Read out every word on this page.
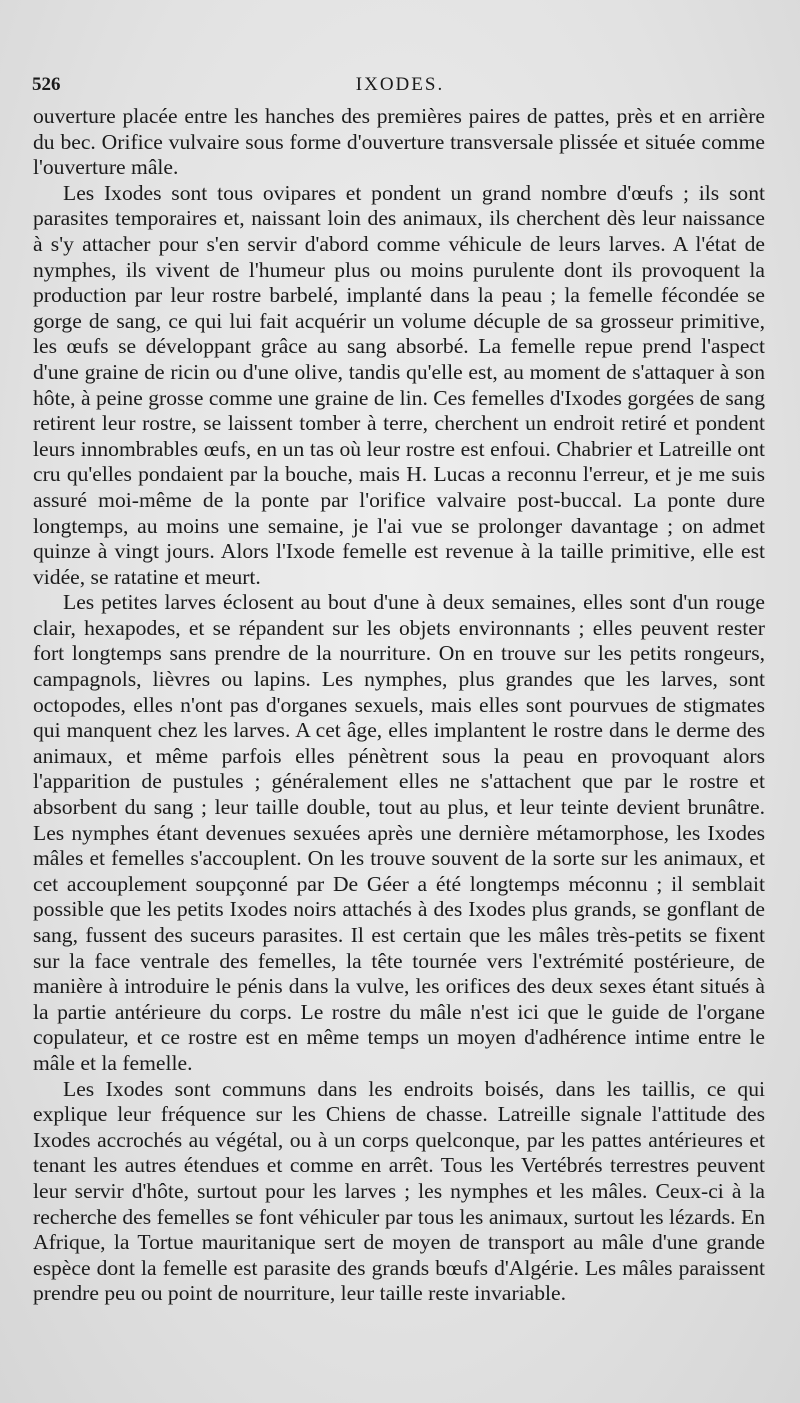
526	IXODES.

ouverture placée entre les hanches des premières paires de pattes, près et en arrière du bec. Orifice vulvaire sous forme d'ouverture transversale plissée et située comme l'ouverture mâle.

Les Ixodes sont tous ovipares et pondent un grand nombre d'œufs ; ils sont parasites temporaires et, naissant loin des animaux, ils cherchent dès leur naissance à s'y attacher pour s'en servir d'abord comme véhicule de leurs larves. A l'état de nymphes, ils vivent de l'humeur plus ou moins purulente dont ils provoquent la production par leur rostre barbelé, implanté dans la peau ; la femelle fécondée se gorge de sang, ce qui lui fait acquérir un volume décuple de sa grosseur primitive, les œufs se développant grâce au sang absorbé. La femelle repue prend l'aspect d'une graine de ricin ou d'une olive, tandis qu'elle est, au moment de s'attaquer à son hôte, à peine grosse comme une graine de lin. Ces femelles d'Ixodes gorgées de sang retirent leur rostre, se laissent tomber à terre, cherchent un endroit retiré et pondent leurs innombrables œufs, en un tas où leur rostre est enfoui. Chabrier et Latreille ont cru qu'elles pondaient par la bouche, mais H. Lucas a reconnu l'erreur, et je me suis assuré moi-même de la ponte par l'orifice valvaire post-buccal. La ponte dure longtemps, au moins une semaine, je l'ai vue se prolonger davantage ; on admet quinze à vingt jours. Alors l'Ixode femelle est revenue à la taille primitive, elle est vidée, se ratatine et meurt.

Les petites larves éclosent au bout d'une à deux semaines, elles sont d'un rouge clair, hexapodes, et se répandent sur les objets environnants ; elles peuvent rester fort longtemps sans prendre de la nourriture. On en trouve sur les petits rongeurs, campagnols, lièvres ou lapins. Les nymphes, plus grandes que les larves, sont octopodes, elles n'ont pas d'organes sexuels, mais elles sont pourvues de stigmates qui manquent chez les larves. A cet âge, elles implantent le rostre dans le derme des animaux, et même parfois elles pénètrent sous la peau en provoquant alors l'apparition de pustules ; généralement elles ne s'attachent que par le rostre et absorbent du sang ; leur taille double, tout au plus, et leur teinte devient brunâtre. Les nymphes étant devenues sexuées après une dernière métamorphose, les Ixodes mâles et femelles s'accouplent. On les trouve souvent de la sorte sur les animaux, et cet accouplement soupçonné par De Géer a été longtemps méconnu ; il semblait possible que les petits Ixodes noirs attachés à des Ixodes plus grands, se gonflant de sang, fussent des suceurs parasites. Il est certain que les mâles très-petits se fixent sur la face ventrale des femelles, la tête tournée vers l'extrémité postérieure, de manière à introduire le pénis dans la vulve, les orifices des deux sexes étant situés à la partie antérieure du corps. Le rostre du mâle n'est ici que le guide de l'organe copulateur, et ce rostre est en même temps un moyen d'adhérence intime entre le mâle et la femelle.

Les Ixodes sont communs dans les endroits boisés, dans les taillis, ce qui explique leur fréquence sur les Chiens de chasse. Latreille signale l'attitude des Ixodes accrochés au végétal, ou à un corps quelconque, par les pattes antérieures et tenant les autres étendues et comme en arrêt. Tous les Vertébrés terrestres peuvent leur servir d'hôte, surtout pour les larves ; les nymphes et les mâles. Ceux-ci à la recherche des femelles se font véhiculer par tous les animaux, surtout les lézards. En Afrique, la Tortue mauritanique sert de moyen de transport au mâle d'une grande espèce dont la femelle est parasite des grands bœufs d'Algérie. Les mâles paraissent prendre peu ou point de nourriture, leur taille reste invariable.
